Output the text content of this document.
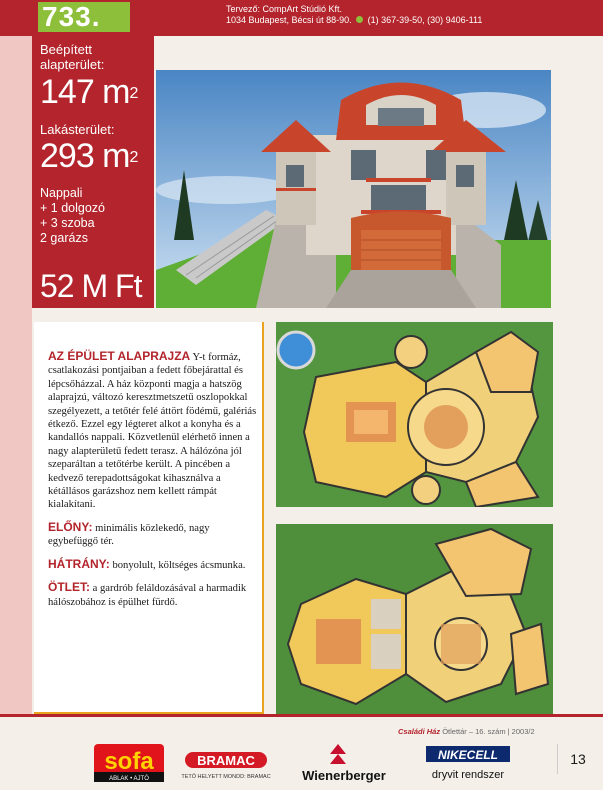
733.	Tervező: CompArt Stúdió Kft.
1034 Budapest, Bécsi út 88-90. (1) 367-39-50, (30) 9406-111
Beépített
alapterület:
147 $m^2$
Lakásterület:
293 $m^2$
Nappali
+ 1 dolgozó
+ 3 szoba
2 garázs
52 M Ft

AZ ÉPÜLET ALAPRAJZA Y-t formáz, csatlakozási pontjaiban a fedett főbejárattal és lépcsőházzal. A ház központi magja a hatszög alaprajzú, változó keresztmetszetű oszlopokkal szegélyezett, a tetőtér felé áttört födémű, galériás étkező. Ezzel egy légteret alkot a konyha és a kandallós nappali. Közvetlenül elérhető innen a nagy alapterületű fedett terasz. A hálózóna jól szeparáltan a tetőtérbe került. A pincében a kedvező terepadottságokat kihasználva a kétállásos garázshoz nem kellett rámpát kialakítani.

ELŐNY: minimális közlekedő, nagy egybefüggő tér.

HÁTRÁNY: bonyolult, költséges ácsmunka.

ÖTLET: a gardrób feláldozásával a harmadik hálószobához is épülhet fürdő.

Családi Ház Ötlettár – 16. szám | 2003/2
sofa
ABLAK • AJTÓ
BRAMAC
TETŐ HELYETT MONDD: BRAMAC Wienerberger
NIKECELL
dryvit rendszer
13
